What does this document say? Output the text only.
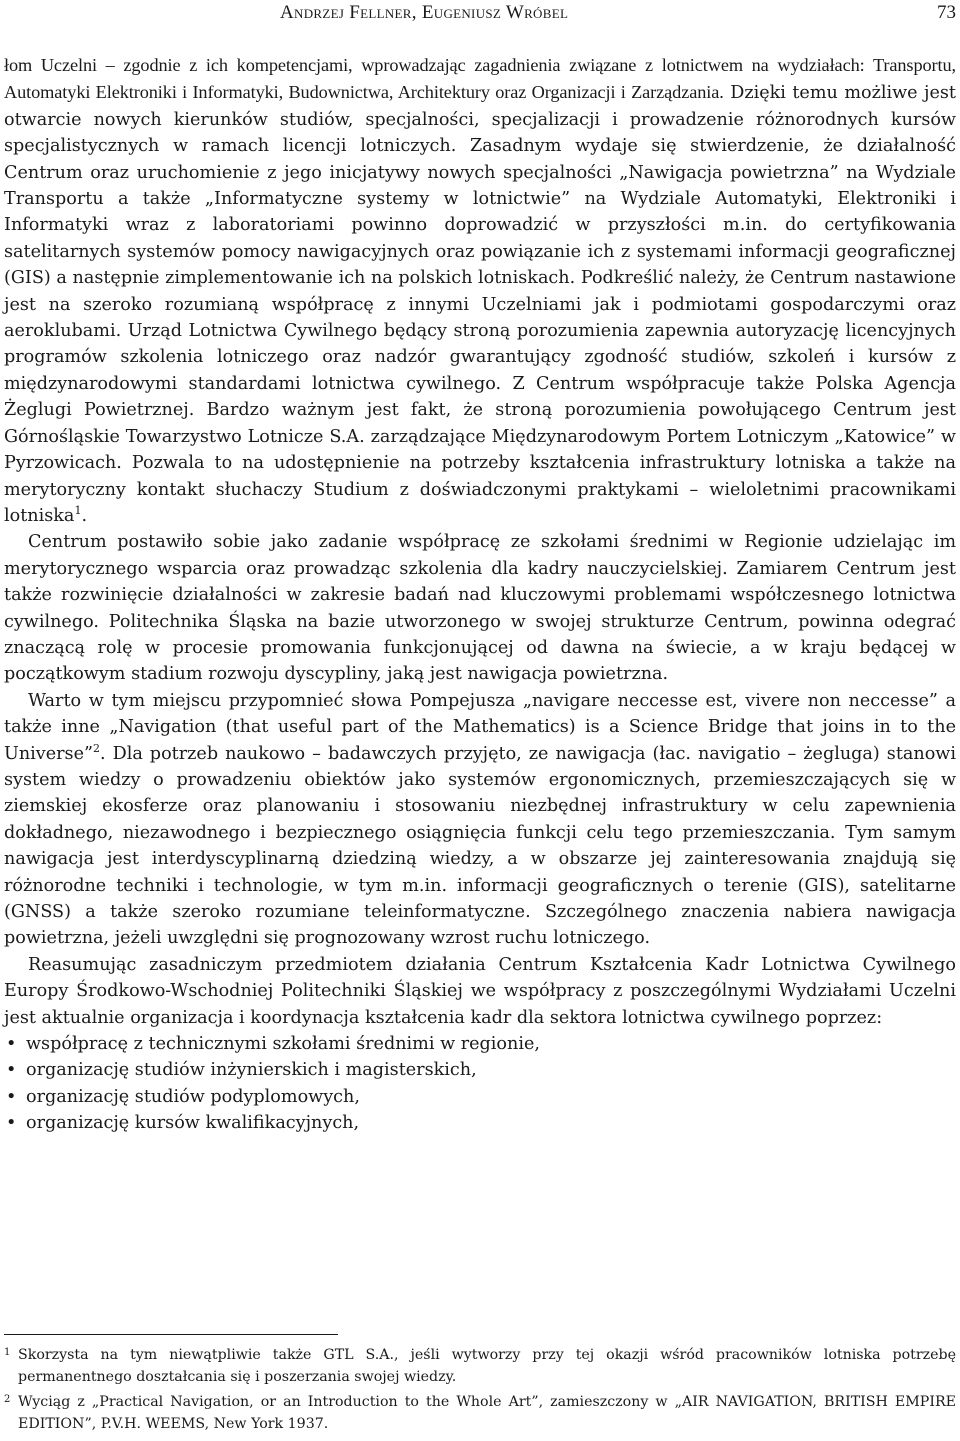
Andrzej Fellner, Eugeniusz Wróbel	73

łom Uczelni – zgodnie z ich kompetencjami, wprowadzając zagadnienia związane z lotnictwem na wydziałach: Transportu, Automatyki Elektroniki i Informatyki, Budownictwa, Architektury oraz Organizacji i Zarządzania. Dzięki temu możliwe jest otwarcie nowych kierunków studiów, specjalności, specjalizacji i prowadzenie różnorodnych kursów specjalistycznych w ramach licencji lotniczych. Zasadnym wydaje się stwierdzenie, że działalność Centrum oraz uruchomienie z jego inicjatywy nowych specjalności „Nawigacja powietrzna” na Wydziale Transportu a także „Informatyczne systemy w lotnictwie” na Wydziale Automatyki, Elektroniki i Informatyki wraz z laboratoriami powinno doprowadzić w przyszłości m.in. do certyfikowania satelitarnych systemów pomocy nawigacyjnych oraz powiązanie ich z systemami informacji geograficznej (GIS) a następnie zimplementowanie ich na polskich lotniskach. Podkreślić należy, że Centrum nastawione jest na szeroko rozumianą współpracę z innymi Uczelniami jak i podmiotami gospodarczymi oraz aeroklubami. Urząd Lotnictwa Cywilnego będący stroną porozumienia zapewnia autoryzację licencyjnych programów szkolenia lotniczego oraz nadzór gwarantujący zgodność studiów, szkoleń i kursów z międzynarodowymi standardami lotnictwa cywilnego. Z Centrum współpracuje także Polska Agencja Żeglugi Powietrznej. Bardzo ważnym jest fakt, że stroną porozumienia powołującego Centrum jest Górnośląskie Towarzystwo Lotnicze S.A. zarządzające Międzynarodowym Portem Lotniczym „Katowice” w Pyrzowicach. Pozwala to na udostępnienie na potrzeby kształcenia infrastruktury lotniska a także na merytoryczny kontakt słuchaczy Studium z doświadczonymi praktykami – wieloletnimi pracownikami lotniska$^1$.

Centrum postawiło sobie jako zadanie współpracę ze szkołami średnimi w Regionie udzielając im merytorycznego wsparcia oraz prowadząc szkolenia dla kadry nauczycielskiej. Zamiarem Centrum jest także rozwinięcie działalności w zakresie badań nad kluczowymi problemami współczesnego lotnictwa cywilnego. Politechnika Śląska na bazie utworzonego w swojej strukturze Centrum, powinna odegrać znaczącą rolę w procesie promowania funkcjonującej od dawna na świecie, a w kraju będącej w początkowym stadium rozwoju dyscypliny, jaką jest nawigacja powietrzna.

Warto w tym miejscu przypomnieć słowa Pompejusza „navigare neccesse est, vivere non neccesse” a także inne „Navigation (that useful part of the Mathematics) is a Science Bridge that joins in to the Universe”$^2$. Dla potrzeb naukowo – badawczych przyjęto, ze nawigacja (łac. navigatio – żegluga) stanowi system wiedzy o prowadzeniu obiektów jako systemów ergonomicznych, przemieszczających się w ziemskiej ekosferze oraz planowaniu i stosowaniu niezbędnej infrastruktury w celu zapewnienia dokładnego, niezawodnego i bezpiecznego osiągnięcia funkcji celu tego przemieszczania. Tym samym nawigacja jest interdyscyplinarną dziedziną wiedzy, a w obszarze jej zainteresowania znajdują się różnorodne techniki i technologie, w tym m.in. informacji geograficznych o terenie (GIS), satelitarne (GNSS) a także szeroko rozumiane teleinformatyczne. Szczególnego znaczenia nabiera nawigacja powietrzna, jeżeli uwzględni się prognozowany wzrost ruchu lotniczego.

Reasumując zasadniczym przedmiotem działania Centrum Kształcenia Kadr Lotnictwa Cywilnego Europy Środkowo-Wschodniej Politechniki Śląskiej we współpracy z poszczególnymi Wydziałami Uczelni jest aktualnie organizacja i koordynacja kształcenia kadr dla sektora lotnictwa cywilnego poprzez:

• współpracę z technicznymi szkołami średnimi w regionie,
• organizację studiów inżynierskich i magisterskich,
• organizację studiów podyplomowych,
• organizację kursów kwalifikacyjnych,

1 Skorzysta na tym niewątpliwie także GTL S.A., jeśli wytworzy przy tej okazji wśród pracowników lotniska potrzebę permanentnego doształcania się i poszerzania swojej wiedzy.

2 Wyciąg z „Practical Navigation, or an Introduction to the Whole Art”, zamieszczony w „AIR NAVIGATION, BRITISH EMPIRE EDITION”, P.V.H. WEEMS, New York 1937.
